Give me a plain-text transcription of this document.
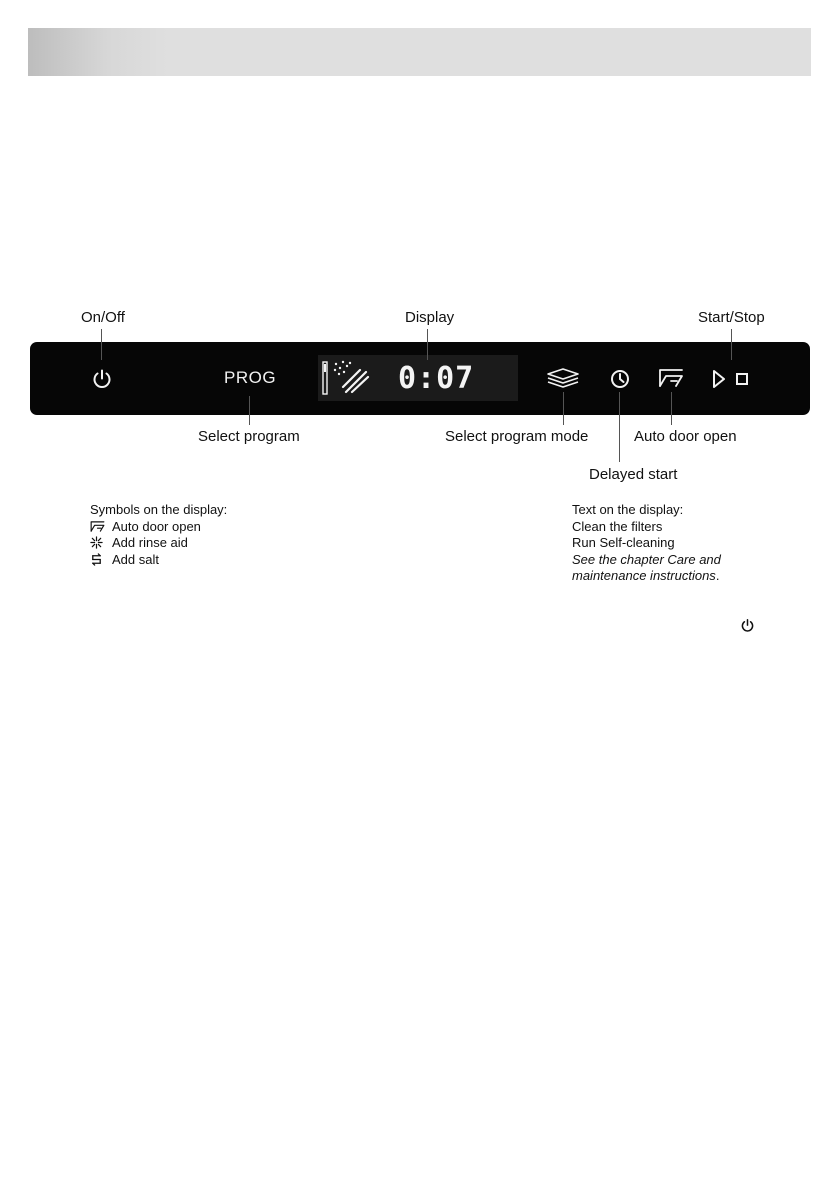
On/Off	Display	Start/Stop
Select program	Select program mode	Auto door open
Delayed start
PROG	0:07
Symbols on the display:
Auto door open
Add rinse aid
Add salt
Text on the display:
Clean the filters
Run Self-cleaning
See the chapter Care and
maintenance instructions.
